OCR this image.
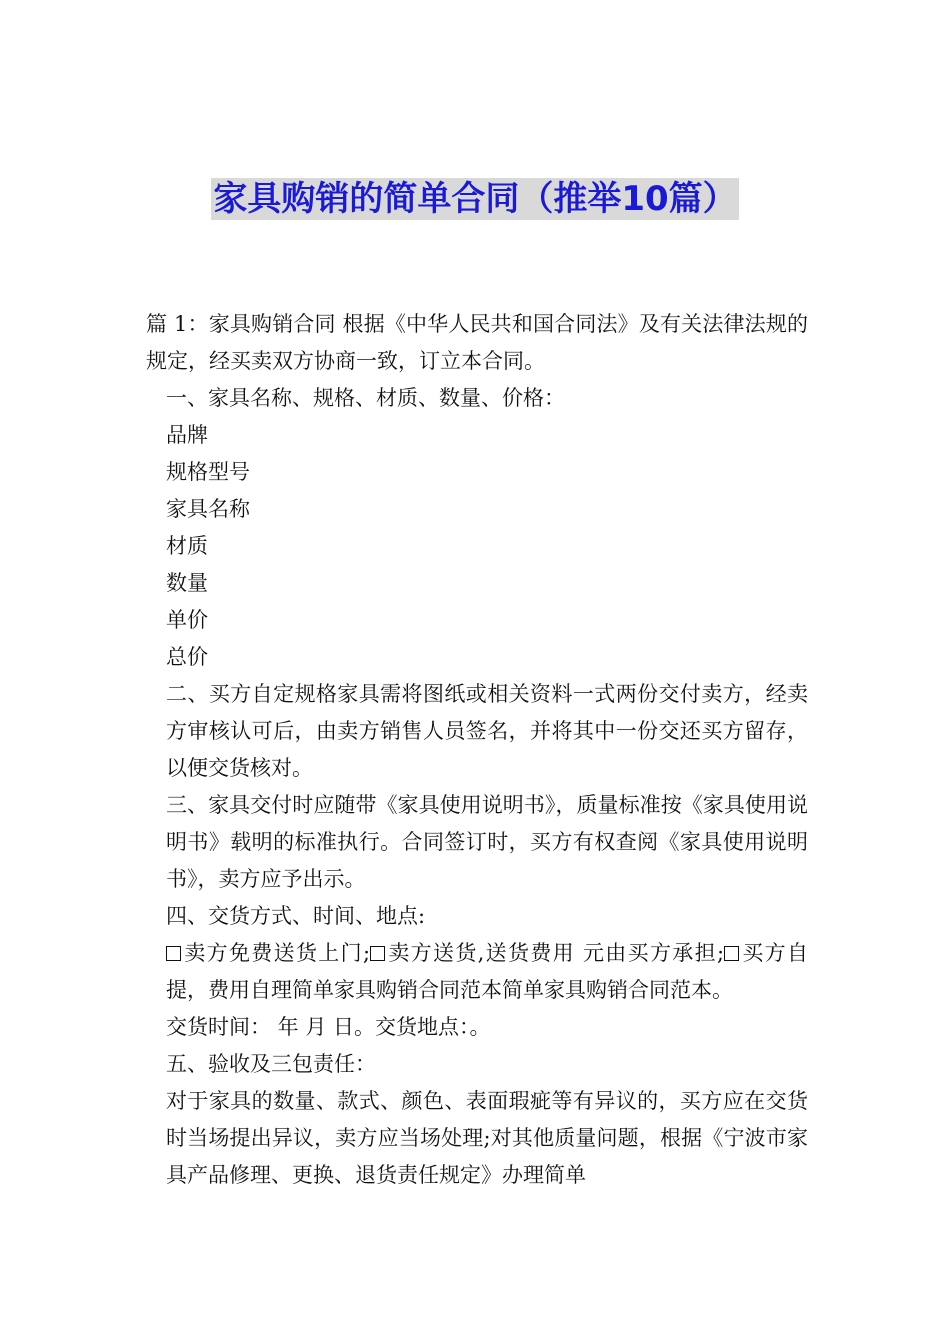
家具购销的简单合同（推举10篇）

篇 1：家具购销合同 根据《中华人民共和国合同法》及有关法律法规的规定，经买卖双方协商一致，订立本合同。

一、家具名称、规格、材质、数量、价格：

品牌

规格型号

家具名称

材质

数量

单价

总价

二、买方自定规格家具需将图纸或相关资料一式两份交付卖方，经卖方审核认可后，由卖方销售人员签名，并将其中一份交还买方留存，以便交货核对。

三、家具交付时应随带《家具使用说明书》，质量标准按《家具使用说明书》载明的标准执行。合同签订时，买方有权查阅《家具使用说明书》，卖方应予出示。

四、交货方式、时间、地点:

卖方免费送货上门; 卖方送货,送货费用 元由买方承担; 买方自提，费用自理简单家具购销合同范本简单家具购销合同范本。

交货时间： 年 月 日。交货地点：。

五、验收及三包责任：

对于家具的数量、款式、颜色、表面瑕疵等有异议的，买方应在交货时当场提出异议，卖方应当场处理;对其他质量问题，根据《宁波市家具产品修理、更换、退货责任规定》办理简单
